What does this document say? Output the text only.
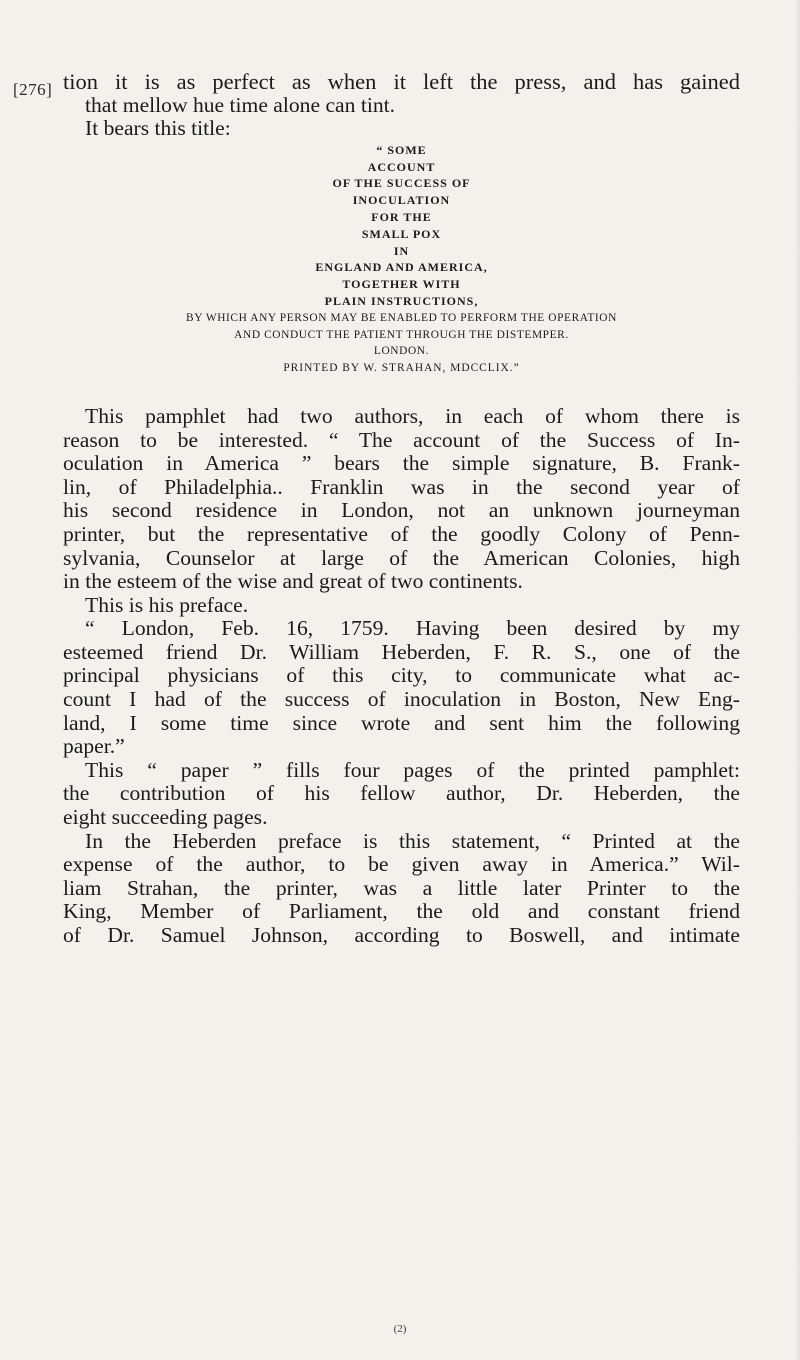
[276] tion it is as perfect as when it left the press, and has gained
that mellow hue time alone can tint.
It bears this title:

“ SOME
ACCOUNT
OF THE SUCCESS OF
INOCULATION
FOR THE
SMALL POX
IN
ENGLAND AND AMERICA,
TOGETHER WITH
PLAIN INSTRUCTIONS,
BY WHICH ANY PERSON MAY BE ENABLED TO PERFORM THE OPERATION
AND CONDUCT THE PATIENT THROUGH THE DISTEMPER.
LONDON.
PRINTED BY W. STRAHAN, MDCCLIX.”

This pamphlet had two authors, in each of whom there is
reason to be interested. “ The account of the Success of In-
oculation in America ” bears the simple signature, B. Frank-
lin, of Philadelphia.. Franklin was in the second year of
his second residence in London, not an unknown journeyman
printer, but the representative of the goodly Colony of Penn-
sylvania, Counselor at large of the American Colonies, high
in the esteem of the wise and great of two continents.

This is his preface.

“ London, Feb. 16, 1759. Having been desired by my
esteemed friend Dr. William Heberden, F. R. S., one of the
principal physicians of this city, to communicate what ac-
count I had of the success of inoculation in Boston, New Eng-
land, I some time since wrote and sent him the following
paper.”

This “ paper ” fills four pages of the printed pamphlet:
the contribution of his fellow author, Dr. Heberden, the
eight succeeding pages.

In the Heberden preface is this statement, “ Printed at the
expense of the author, to be given away in America.” Wil-
liam Strahan, the printer, was a little later Printer to the
King, Member of Parliament, the old and constant friend
of Dr. Samuel Johnson, according to Boswell, and intimate

(2)
